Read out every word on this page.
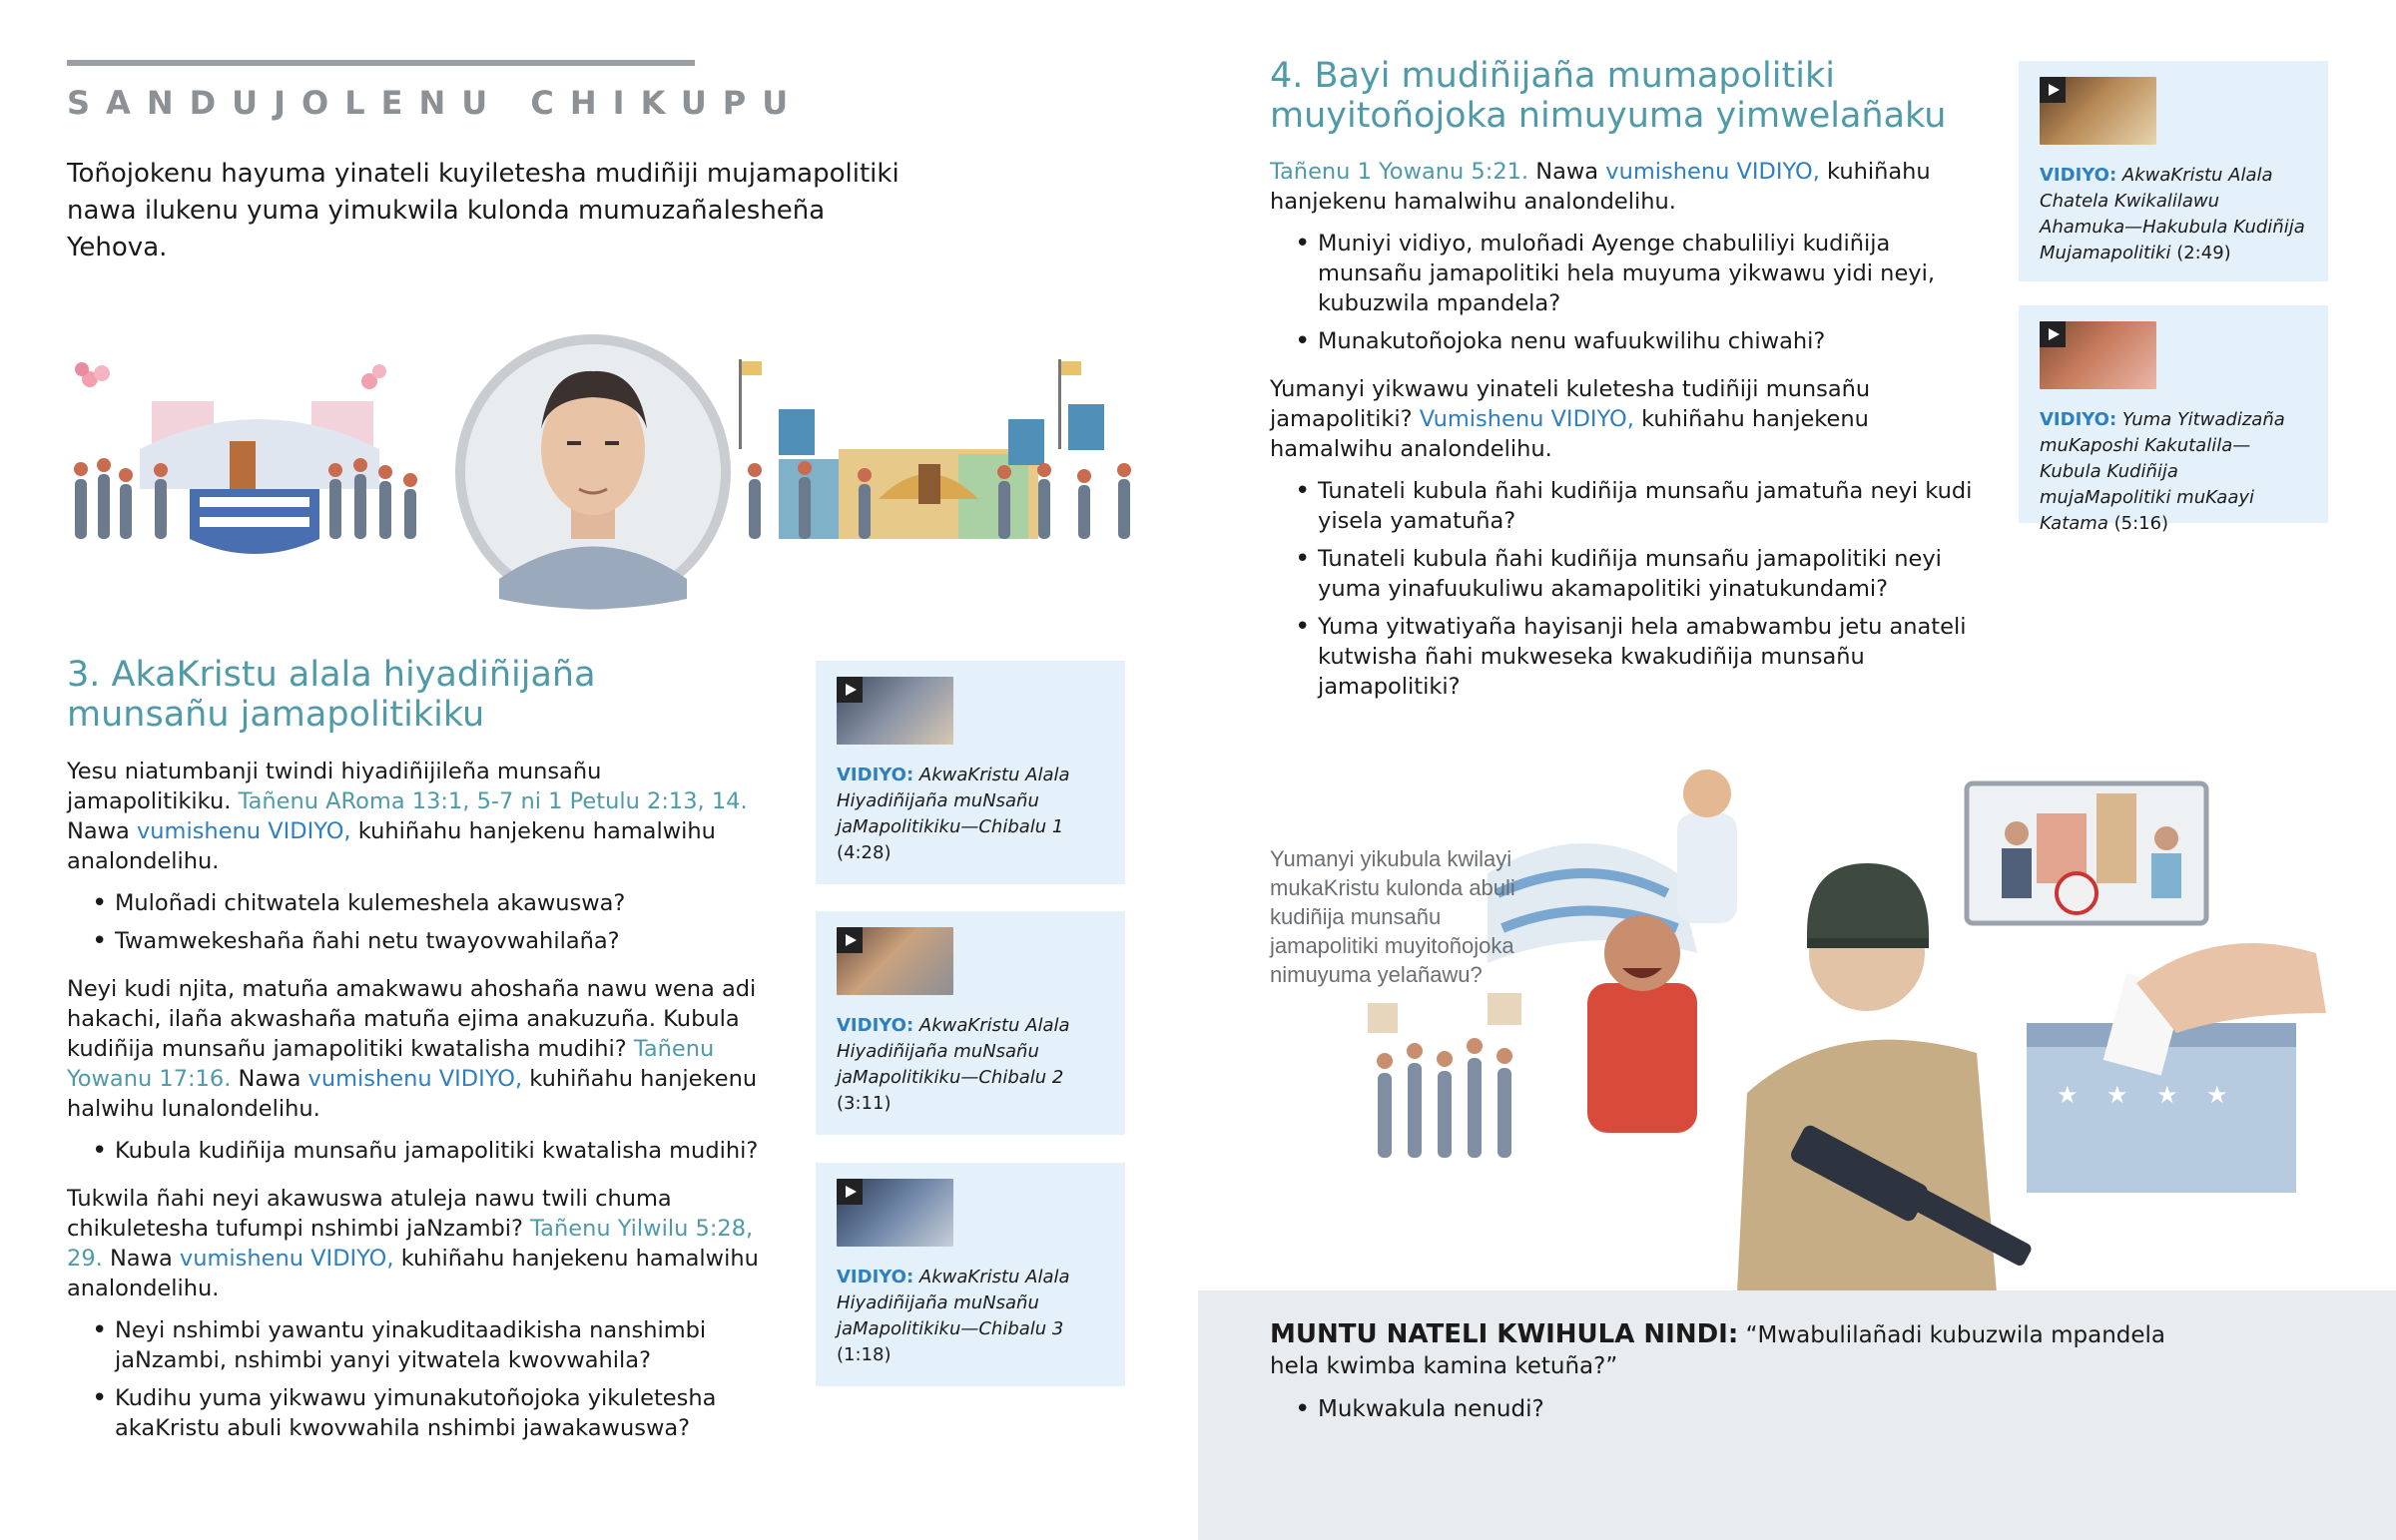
SANDUJOLENU CHIKUPU
Toñojokenu hayuma yinateli kuyiletesha mudiñiji mujamapolitiki nawa ilukenu yuma yimukwila kulonda mumuzañalesheña Yehova.
3. AkaKristu alala hiyadiñijaña munsañu jamapolitikiku

Yesu niatumbanji twindi hiyadiñijileña munsañu jamapolitikiku. Tañenu ARoma 13:1, 5-7 ni 1 Petulu 2:13, 14. Nawa vumishenu VIDIYO, kuhiñahu hanjekenu hamalwihu analondelihu.

• Muloñadi chitwatela kulemeshela akawuswa?
• Twamwekeshaña ñahi netu twayovwahilaña?

Neyi kudi njita, matuña amakwawu ahoshaña nawu wena adi hakachi, ilaña akwashaña matuña ejima anakuzuña. Kubula kudiñija munsañu jamapolitiki kwatalisha mudihi? Tañenu Yowanu 17:16. Nawa vumishenu VIDIYO, kuhiñahu hanjekenu halwihu lunalondelihu.

• Kubula kudiñija munsañu jamapolitiki kwatalisha mudihi?

Tukwila ñahi neyi akawuswa atuleja nawu twili chuma chikuletesha tufumpi nshimbi jaNzambi? Tañenu Yilwilu 5:28, 29. Nawa vumishenu VIDIYO, kuhiñahu hanjekenu hamalwihu analondelihu.

• Neyi nshimbi yawantu yinakuditaadikisha nanshimbi jaNzambi, nshimbi yanyi yitwatela kwovwahila?
• Kudihu yuma yikwawu yimunakutoñojoka yikuletesha akaKristu abuli kwovwahila nshimbi jawakawuswa?
VIDIYO: AkwaKristu Alala Hiyadiñijaña muNsañu jaMapolitikiku—Chibalu 1 (4:28)
VIDIYO: AkwaKristu Alala Hiyadiñijaña muNsañu jaMapolitikiku—Chibalu 2 (3:11)
VIDIYO: AkwaKristu Alala Hiyadiñijaña muNsañu jaMapolitikiku—Chibalu 3 (1:18)
4. Bayi mudiñijaña mumapolitiki muyitoñojoka nimuyuma yimwelañaku

Tañenu 1 Yowanu 5:21. Nawa vumishenu VIDIYO, kuhiñahu hanjekenu hamalwihu analondelihu.

• Muniyi vidiyo, muloñadi Ayenge chabuliliyi kudiñija munsañu jamapolitiki hela muyuma yikwawu yidi neyi, kubuzwila mpandela?
• Munakutoñojoka nenu wafuukwilihu chiwahi?

Yumanyi yikwawu yinateli kuletesha tudiñiji munsañu jamapolitiki? Vumishenu VIDIYO, kuhiñahu hanjekenu hamalwihu analondelihu.

• Tunateli kubula ñahi kudiñija munsañu jamatuña neyi kudi yisela yamatuña?
• Tunateli kubula ñahi kudiñija munsañu jamapolitiki neyi yuma yinafuukuliwu akamapolitiki yinatukundami?
• Yuma yitwatiyaña hayisanji hela amabwambu jetu anateli kutwisha ñahi mukweseka kwakudiñija munsañu jamapolitiki?
VIDIYO: AkwaKristu Alala Chatela Kwikalilawu Ahamuka—Hakubula Kudiñija Mujamapolitiki (2:49)
VIDIYO: Yuma Yitwadizaña muKaposhi Kakutalila—Kubula Kudiñija mujaMapolitiki muKaayi Katama (5:16)
★ ★ ★ ★
Yumanyi yikubula kwilayi mukaKristu kulonda abuli kudiñija munsañu jamapolitiki muyitoñojoka nimuyuma yelañawu?

MUNTU NATELI KWIHULA NINDI: “Mwabulilañadi kubuzwila mpandela hela kwimba kamina ketuña?”

• Mukwakula nenudi?
